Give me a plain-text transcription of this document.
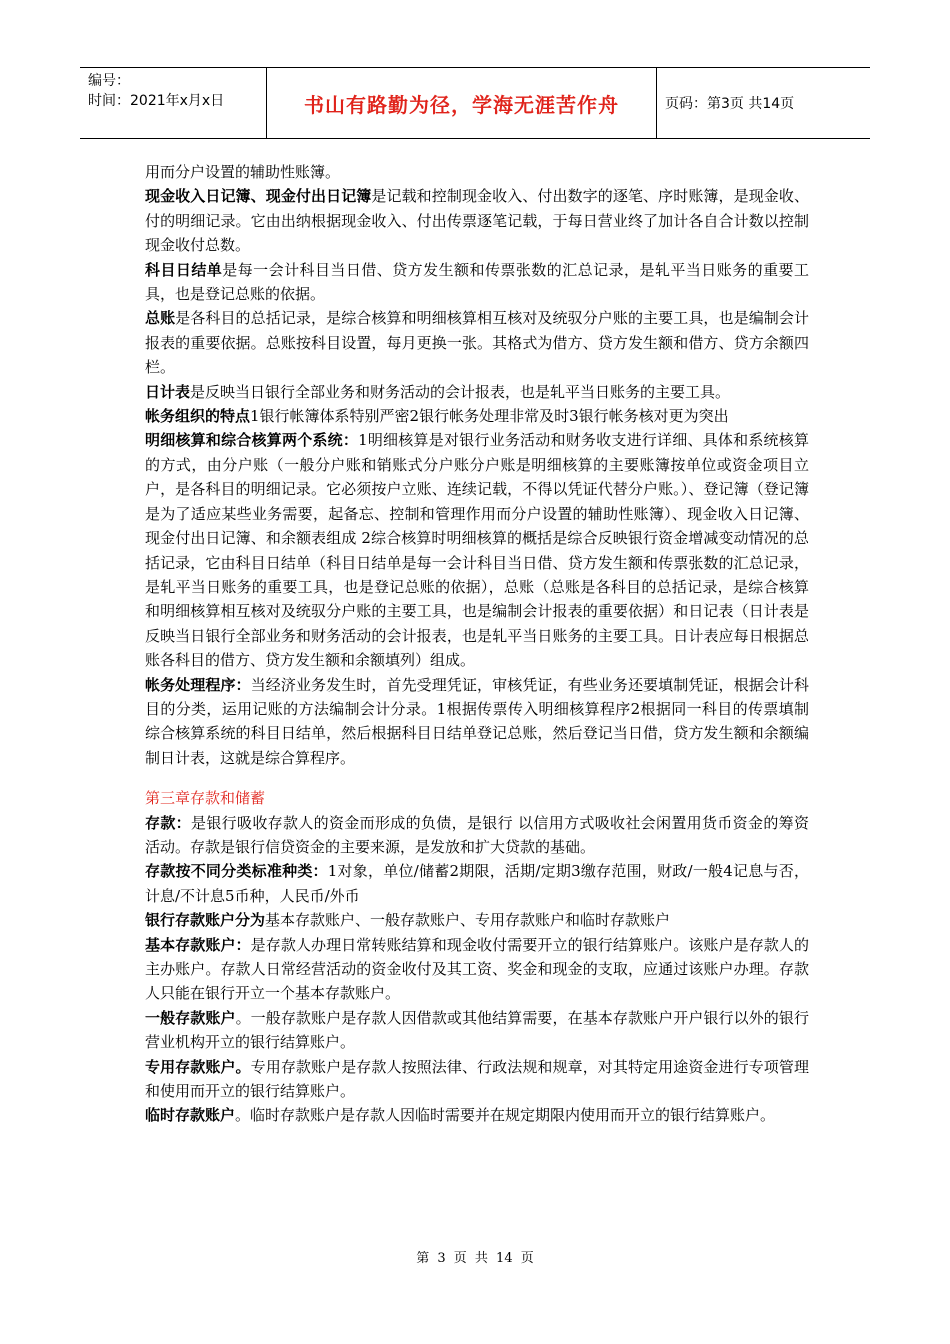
编号：
时间：2021年x月x日	书山有路勤为径，学海无涯苦作舟	页码：第3页 共14页

用而分户设置的辅助性账簿。

现金收入日记簿、现金付出日记簿是记载和控制现金收入、付出数字的逐笔、序时账簿，是现金收、付的明细记录。它由出纳根据现金收入、付出传票逐笔记载，于每日营业终了加计各自合计数以控制现金收付总数。

科目日结单是每一会计科目当日借、贷方发生额和传票张数的汇总记录，是轧平当日账务的重要工具，也是登记总账的依据。

总账是各科目的总括记录，是综合核算和明细核算相互核对及统驭分户账的主要工具，也是编制会计报表的重要依据。总账按科目设置，每月更换一张。其格式为借方、贷方发生额和借方、贷方余额四栏。

日计表是反映当日银行全部业务和财务活动的会计报表，也是轧平当日账务的主要工具。

帐务组织的特点1银行帐簿体系特别严密2银行帐务处理非常及时3银行帐务核对更为突出

明细核算和综合核算两个系统：1明细核算是对银行业务活动和财务收支进行详细、具体和系统核算的方式，由分户账（一般分户账和销账式分户账分户账是明细核算的主要账簿按单位或资金项目立户，是各科目的明细记录。它必须按户立账、连续记载，不得以凭证代替分户账。）、登记簿（登记簿是为了适应某些业务需要，起备忘、控制和管理作用而分户设置的辅助性账簿）、现金收入日记簿、现金付出日记簿、和余额表组成 2综合核算时明细核算的概括是综合反映银行资金增减变动情况的总括记录，它由科目日结单（科目日结单是每一会计科目当日借、贷方发生额和传票张数的汇总记录，是轧平当日账务的重要工具，也是登记总账的依据），总账（总账是各科目的总括记录，是综合核算和明细核算相互核对及统驭分户账的主要工具，也是编制会计报表的重要依据）和日记表（日计表是反映当日银行全部业务和财务活动的会计报表，也是轧平当日账务的主要工具。日计表应每日根据总账各科目的借方、贷方发生额和余额填列）组成。

帐务处理程序：当经济业务发生时，首先受理凭证，审核凭证，有些业务还要填制凭证，根据会计科目的分类，运用记账的方法编制会计分录。1根据传票传入明细核算程序2根据同一科目的传票填制综合核算系统的科目日结单，然后根据科目日结单登记总账，然后登记当日借，贷方发生额和余额编制日计表，这就是综合算程序。

第三章存款和储蓄

存款：是银行吸收存款人的资金而形成的负债，是银行 以信用方式吸收社会闲置用货币资金的筹资活动。存款是银行信贷资金的主要来源，是发放和扩大贷款的基础。

存款按不同分类标准种类：1对象，单位/储蓄2期限，活期/定期3缴存范围，财政/一般4记息与否，计息/不计息5币种，人民币/外币

银行存款账户分为基本存款账户、一般存款账户、专用存款账户和临时存款账户

基本存款账户：是存款人办理日常转账结算和现金收付需要开立的银行结算账户。该账户是存款人的主办账户。存款人日常经营活动的资金收付及其工资、奖金和现金的支取，应通过该账户办理。存款人只能在银行开立一个基本存款账户。

一般存款账户。一般存款账户是存款人因借款或其他结算需要，在基本存款账户开户银行以外的银行营业机构开立的银行结算账户。

专用存款账户。专用存款账户是存款人按照法律、行政法规和规章，对其特定用途资金进行专项管理和使用而开立的银行结算账户。

临时存款账户。临时存款账户是存款人因临时需要并在规定期限内使用而开立的银行结算账户。

第 3 页 共 14 页
